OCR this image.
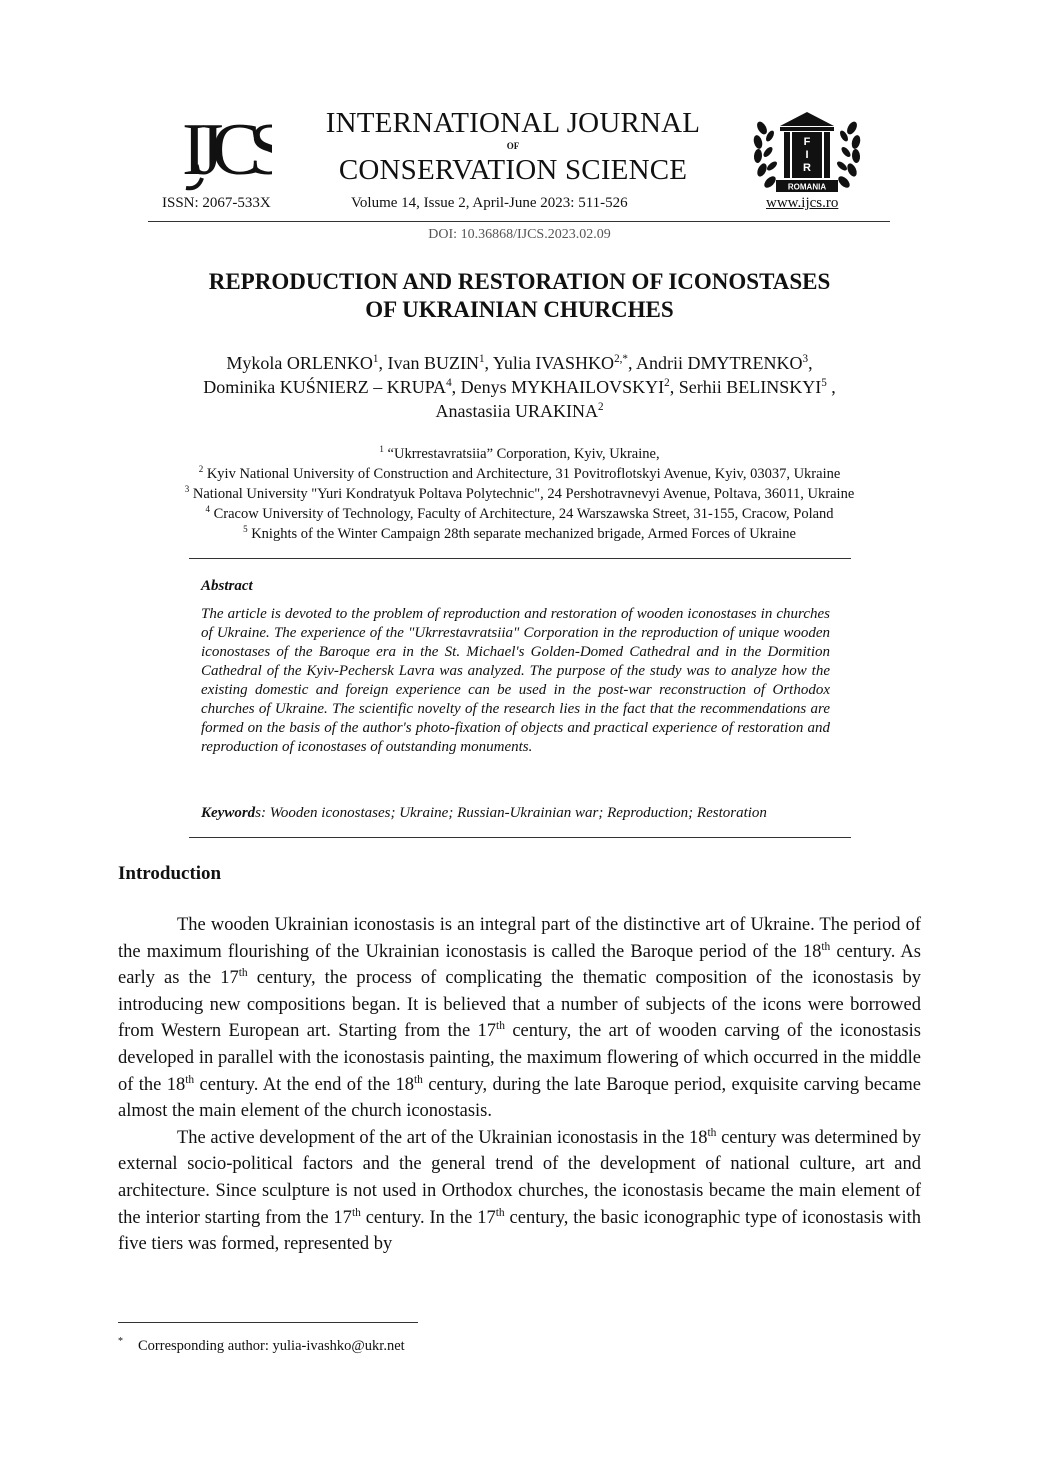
IJCS	F
I
R
ROMANIA
INTERNATIONAL JOURNAL
OF
CONSERVATION SCIENCE
ISSN: 2067-533X	Volume 14, Issue 2, April-June 2023: 511-526	www.ijcs.ro
DOI: 10.36868/IJCS.2023.02.09
REPRODUCTION AND RESTORATION OF ICONOSTASES
OF UKRAINIAN CHURCHES
Mykola ORLENKO$^1$, Ivan BUZIN$^1$, Yulia $IVASHKO^{2,*}$, Andrii DMYTRENKO$^3$,
Dominika KUŚNIERZ – KRUPA$^4$, Denys MYKHAILOVSKYI$^2$, Serhii BELINSKYI$^5$ ,
Anastasiia URAKINA$^2$
$^1$ “Ukrrestavratsiia” Corporation, Kyiv, Ukraine,
$^2$ Kyiv National University of Construction and Architecture, 31 Povitroflotskyi Avenue, Kyiv, 03037, Ukraine
$^3$ National University "Yuri Kondratyuk Poltava Polytechnic", 24 Pershotravnevyi Avenue, Poltava, 36011, Ukraine
$^4$ Cracow University of Technology, Faculty of Architecture, 24 Warszawska Street, 31-155, Cracow, Poland
$^5$ Knights of the Winter Campaign 28th separate mechanized brigade, Armed Forces of Ukraine
Abstract

The article is devoted to the problem of reproduction and restoration of wooden iconostases in churches of Ukraine. The experience of the "Ukrrestavratsiia" Corporation in the reproduction of unique wooden iconostases of the Baroque era in the St. Michael's Golden-Domed Cathedral and in the Dormition Cathedral of the Kyiv-Pechersk Lavra was analyzed. The purpose of the study was to analyze how the existing domestic and foreign experience can be used in the post-war reconstruction of Orthodox churches of Ukraine. The scientific novelty of the research lies in the fact that the recommendations are formed on the basis of the author's photo-fixation of objects and practical experience of restoration and reproduction of iconostases of outstanding monuments.

Keywords: Wooden iconostases; Ukraine; Russian-Ukrainian war; Reproduction; Restoration
Introduction

The wooden Ukrainian iconostasis is an integral part of the distinctive art of Ukraine. The period of the maximum flourishing of the Ukrainian iconostasis is called the Baroque period of the 18th century. As early as the 17th century, the process of complicating the thematic composition of the iconostasis by introducing new compositions began. It is believed that a number of subjects of the icons were borrowed from Western European art. Starting from the 17th century, the art of wooden carving of the iconostasis developed in parallel with the iconostasis painting, the maximum flowering of which occurred in the middle of the 18th century. At the end of the 18th century, during the late Baroque period, exquisite carving became almost the main element of the church iconostasis.

The active development of the art of the Ukrainian iconostasis in the 18th century was determined by external socio-political factors and the general trend of the development of national culture, art and architecture. Since sculpture is not used in Orthodox churches, the iconostasis became the main element of the interior starting from the 17th century. In the 17th century, the basic iconographic type of iconostasis with five tiers was formed, represented by

* Corresponding author: yulia-ivashko@ukr.net
